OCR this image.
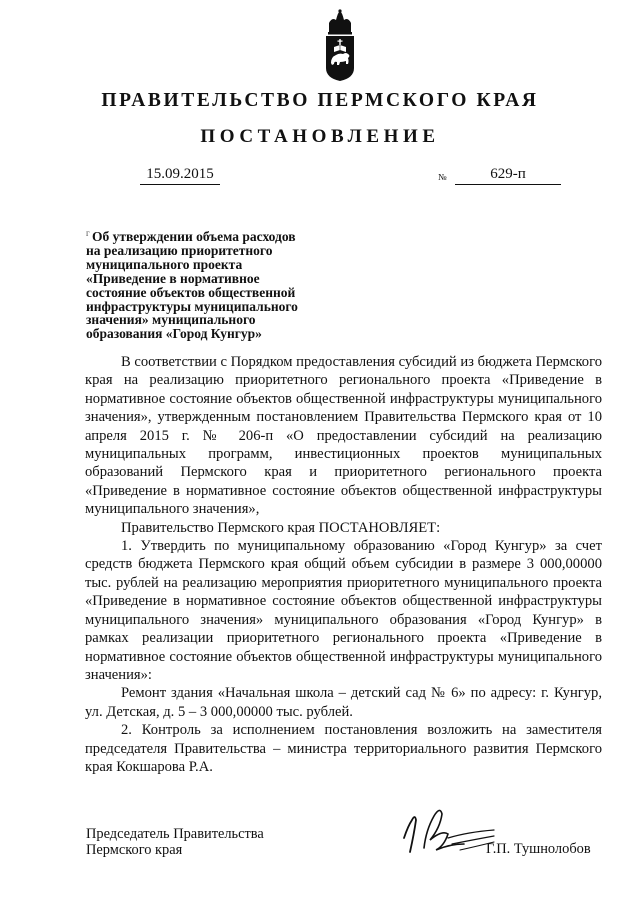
ПРАВИТЕЛЬСТВО ПЕРМСКОГО КРАЯ
ПОСТАНОВЛЕНИЕ
15.09.2015	№	629-п
г Об утверждении объема расходов
на реализацию приоритетного
муниципального проекта
«Приведение в нормативное
состояние объектов общественной
инфраструктуры муниципального
значения» муниципального
образования «Город Кунгур»

В соответствии с Порядком предоставления субсидий из бюджета Пермского края на реализацию приоритетного регионального проекта «Приведение в нормативное состояние объектов общественной инфраструктуры муниципального значения», утвержденным постановлением Правительства Пермского края от 10 апреля 2015 г. № 206-п «О предоставлении субсидий на реализацию муниципальных программ, инвестиционных проектов муниципальных образований Пермского края и приоритетного регионального проекта «Приведение в нормативное состояние объектов общественной инфраструктуры муниципального значения»,

Правительство Пермского края ПОСТАНОВЛЯЕТ:

1. Утвердить по муниципальному образованию «Город Кунгур» за счет средств бюджета Пермского края общий объем субсидии в размере 3 000,00000 тыс. рублей на реализацию мероприятия приоритетного муниципального проекта «Приведение в нормативное состояние объектов общественной инфраструктуры муниципального значения» муниципального образования «Город Кунгур» в рамках реализации приоритетного регионального проекта «Приведение в нормативное состояние объектов общественной инфраструктуры муниципального значения»:

Ремонт здания «Начальная школа – детский сад № 6» по адресу: г. Кунгур, ул. Детская, д. 5 – 3 000,00000 тыс. рублей.

2. Контроль за исполнением постановления возложить на заместителя председателя Правительства – министра территориального развития Пермского края Кокшарова Р.А.

Председатель Правительства
Пермского края	Г.П. Тушнолобов
